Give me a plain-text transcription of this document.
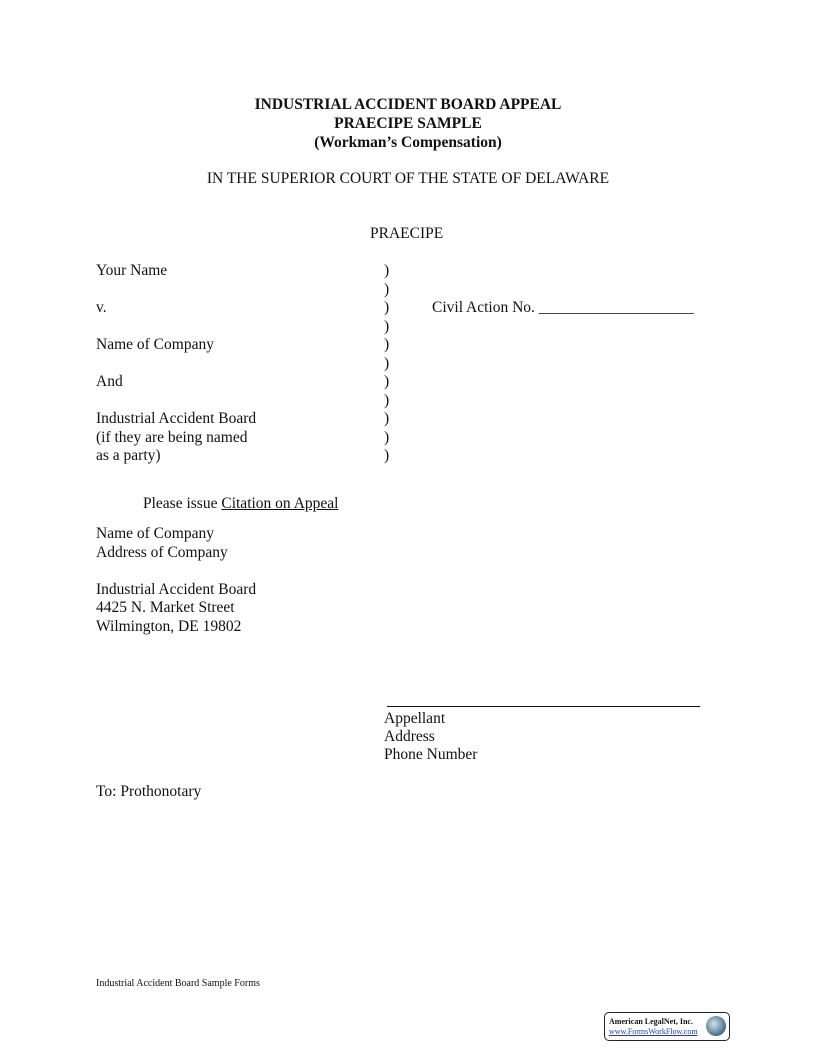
INDUSTRIAL ACCIDENT BOARD APPEAL
PRAECIPE SAMPLE
(Workman’s Compensation)
IN THE SUPERIOR COURT OF THE STATE OF DELAWARE
PRAECIPE
Your Name	)
)
v.	)
)
Name of Company	)
)
And	)
)
Industrial Accident Board	)
(if they are being named	)
as a party)	)
Civil Action No. ____________________
Please issue Citation on Appeal
Name of Company
Address of Company
Industrial Accident Board
4425 N. Market Street
Wilmington, DE 19802
Appellant
Address
Phone Number
To: Prothonotary
Industrial Accident Board Sample Forms
American LegalNet, Inc.
www.FormsWorkFlow.com
